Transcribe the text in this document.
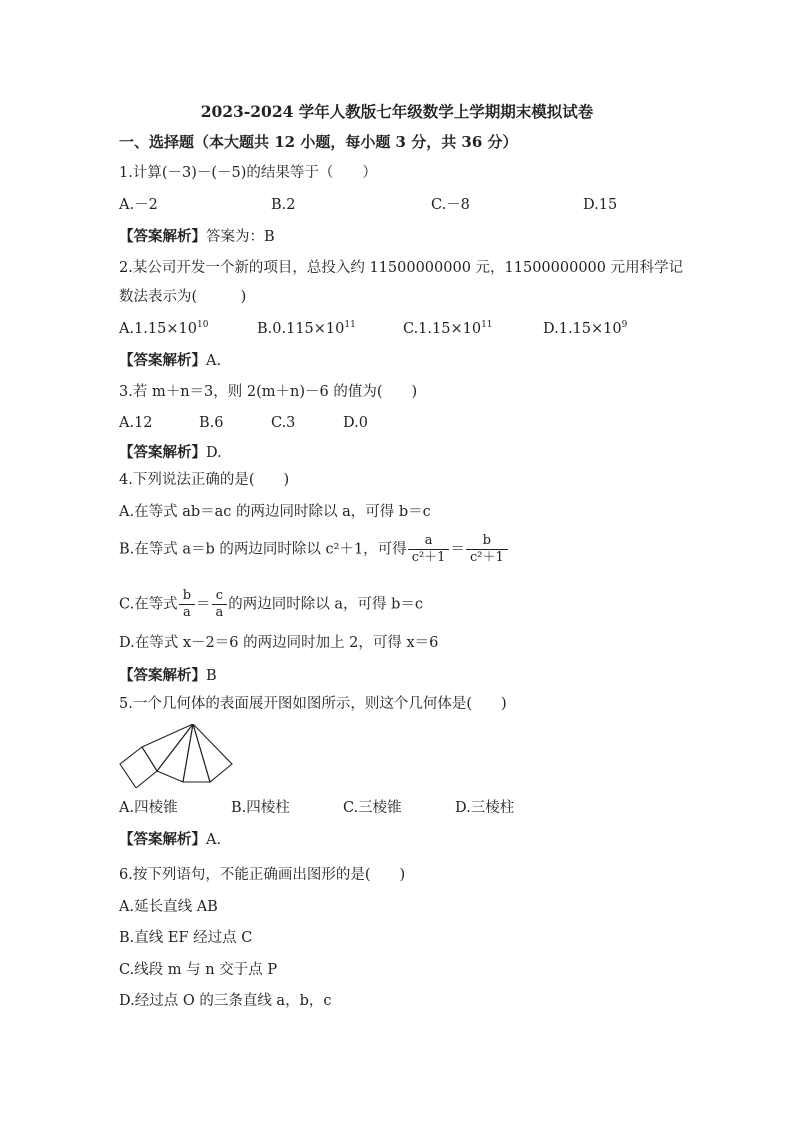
2023-2024 学年人教版七年级数学上学期期末模拟试卷
一、选择题（本大题共 12 小题，每小题 3 分，共 36 分）
1.计算(－3)－(－5)的结果等于（　　）
A.－2	B.2	C.－8	D.15
【答案解析】答案为：B
2.某公司开发一个新的项目，总投入约 11500000000 元，11500000000 元用科学记
数法表示为(　　　)
$A.1.15\times 10^{10}$	$B.0.115\times 10^{11}$	$C.1.15\times 10^{11}$	$D.1.15\times 10^9$
【答案解析】A.
3.若 m＋n＝3，则 2(m＋n)－6 的值为(　　)
A.12	B.6	C.3	D.0
【答案解析】D.
4.下列说法正确的是(　　)
A.在等式 ab＝ac 的两边同时除以 a，可得 b＝c
B.在等式 a＝b 的两边同时除以 c²＋1，可得 $\frac{a}{\text{c²＋1}} = \frac{b}{\text{c²＋1}}$
C.在等式 $\frac{b}{a} = \frac{c}{a}$ 的两边同时除以 a，可得 b＝c
D.在等式 x－2＝6 的两边同时加上 2，可得 x＝6
【答案解析】B
5.一个几何体的表面展开图如图所示，则这个几何体是(　　)
A.四棱锥	B.四棱柱	C.三棱锥	D.三棱柱
【答案解析】A.
6.按下列语句，不能正确画出图形的是(　　)
A.延长直线 AB
B.直线 EF 经过点 C
C.线段 m 与 n 交于点 P
D.经过点 O 的三条直线 a，b，c
